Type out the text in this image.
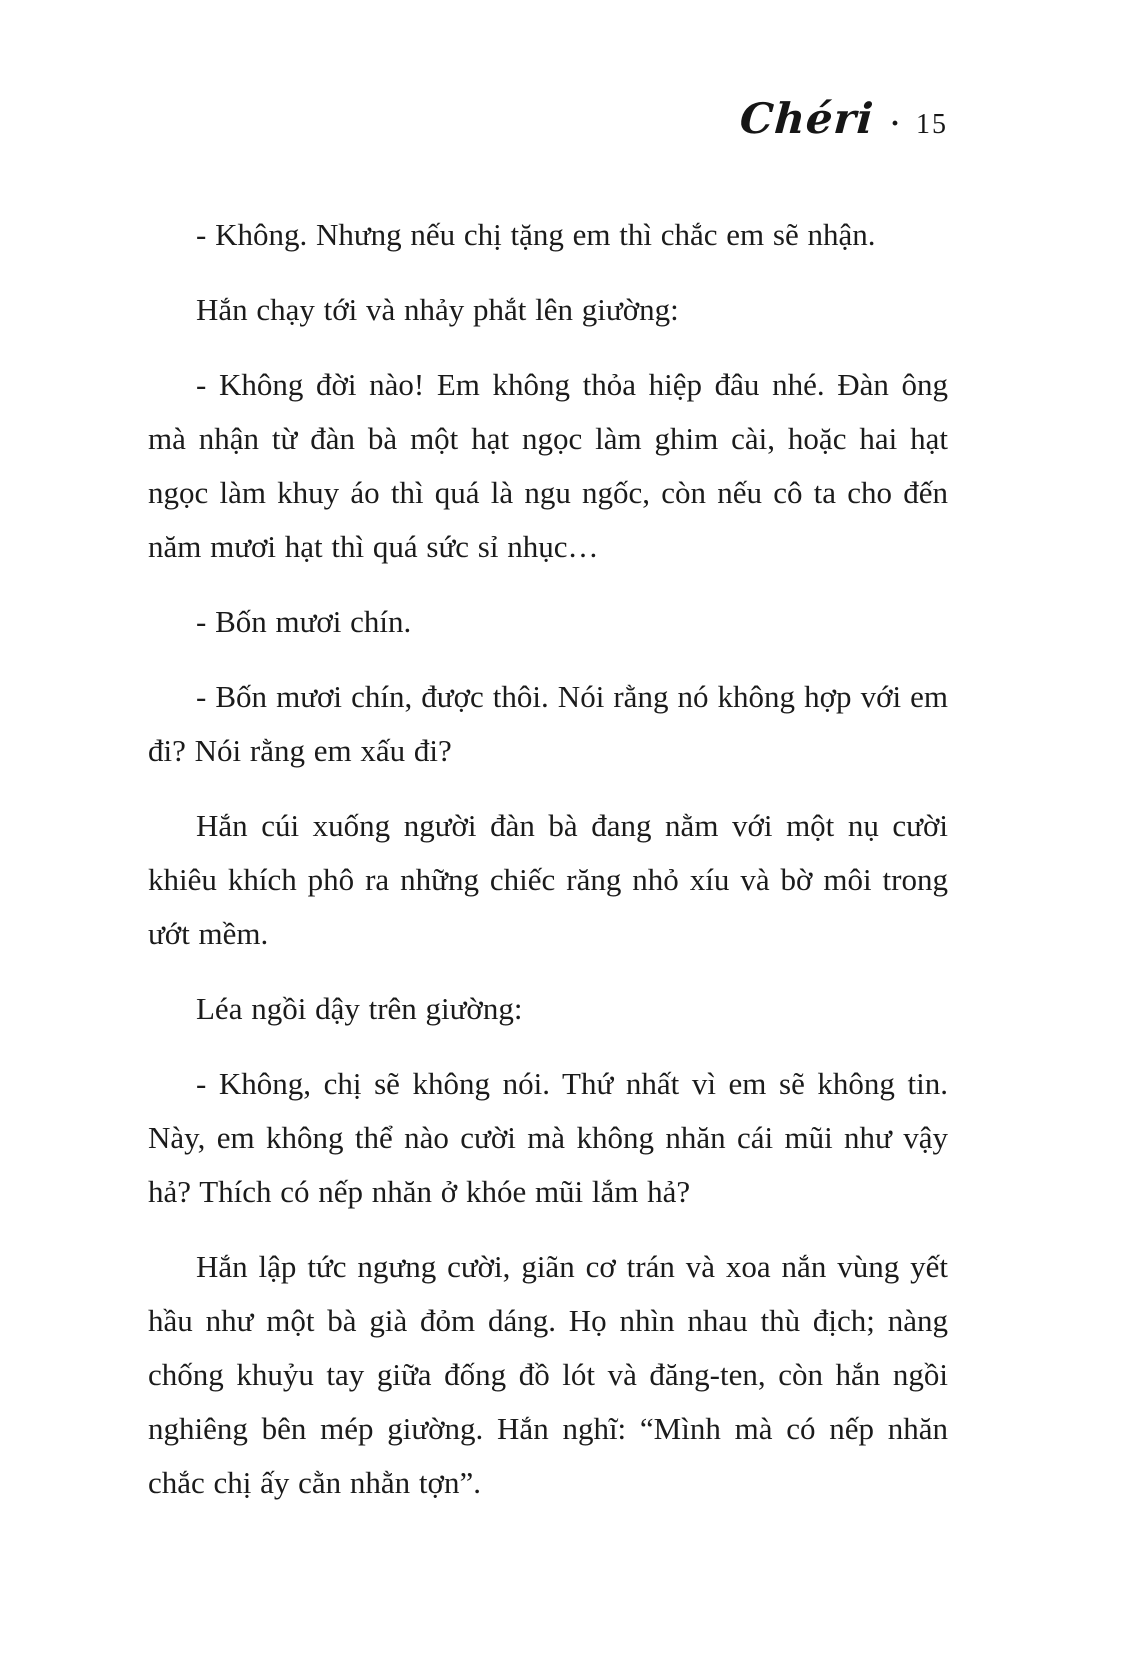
Chéri · 15

- Không. Nhưng nếu chị tặng em thì chắc em sẽ nhận.

Hắn chạy tới và nhảy phắt lên giường:

- Không đời nào! Em không thỏa hiệp đâu nhé. Đàn ông mà nhận từ đàn bà một hạt ngọc làm ghim cài, hoặc hai hạt ngọc làm khuy áo thì quá là ngu ngốc, còn nếu cô ta cho đến năm mươi hạt thì quá sức sỉ nhục…

- Bốn mươi chín.

- Bốn mươi chín, được thôi. Nói rằng nó không hợp với em đi? Nói rằng em xấu đi?

Hắn cúi xuống người đàn bà đang nằm với một nụ cười khiêu khích phô ra những chiếc răng nhỏ xíu và bờ môi trong ướt mềm.

Léa ngồi dậy trên giường:

- Không, chị sẽ không nói. Thứ nhất vì em sẽ không tin. Này, em không thể nào cười mà không nhăn cái mũi như vậy hả? Thích có nếp nhăn ở khóe mũi lắm hả?

Hắn lập tức ngưng cười, giãn cơ trán và xoa nắn vùng yết hầu như một bà già đỏm dáng. Họ nhìn nhau thù địch; nàng chống khuỷu tay giữa đống đồ lót và đăng-ten, còn hắn ngồi nghiêng bên mép giường. Hắn nghĩ: “Mình mà có nếp nhăn chắc chị ấy cằn nhằn tợn”.
